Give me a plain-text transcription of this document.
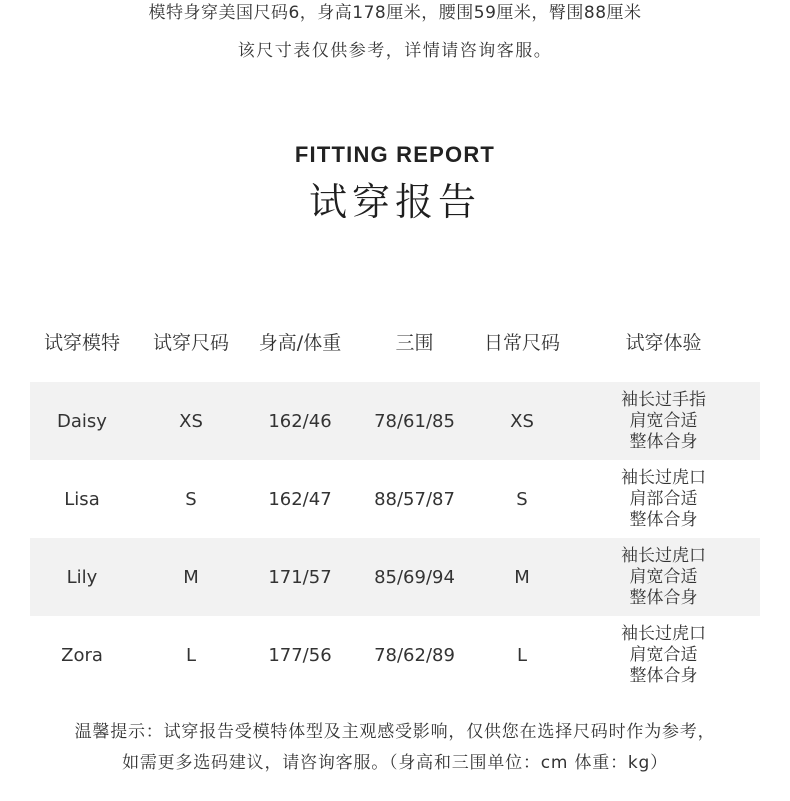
模特身穿美国尺码6，身高178厘米，腰围59厘米，臀围88厘米
该尺寸表仅供参考，详情请咨询客服。
FITTING REPORT
试穿报告
试穿模特	试穿尺码	身高/体重	三围	日常尺码	试穿体验
Daisy	XS	162/46	78/61/85	XS
袖长过手指
肩宽合适
整体合身
Lisa	S	162/47	88/57/87	S
袖长过虎口
肩部合适
整体合身
Lily	M	171/57	85/69/94	M
袖长过虎口
肩宽合适
整体合身
Zora	L	177/56	78/62/89	L
袖长过虎口
肩宽合适
整体合身
温馨提示：试穿报告受模特体型及主观感受影响，仅供您在选择尺码时作为参考，
如需更多选码建议，请咨询客服。（身高和三围单位：cm 体重：kg）
